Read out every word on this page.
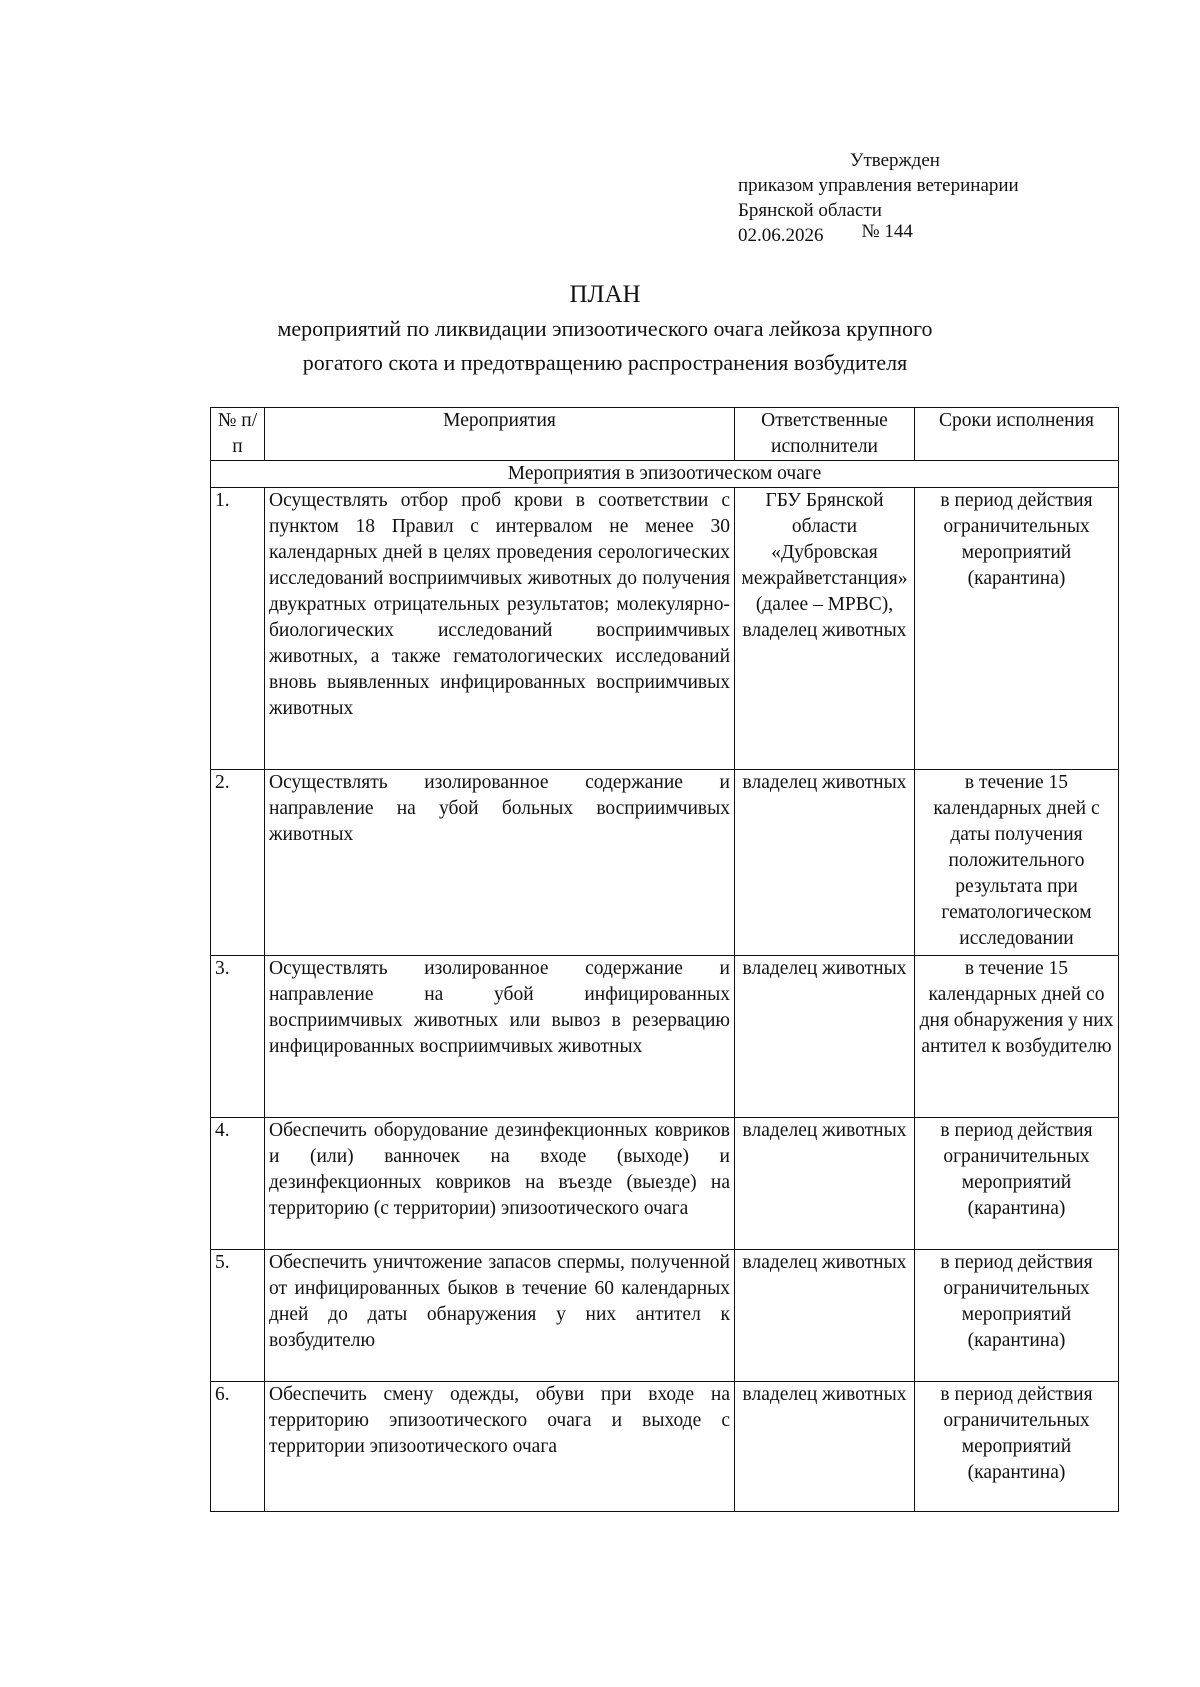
Утвержден
приказом управления ветеринарии
Брянской области
02.06.2026 № 144
ПЛАН
мероприятий по ликвидации эпизоотического очага лейкоза крупного
рогатого скота и предотвращению распространения возбудителя
№ п/п	Мероприятия	Ответственные исполнители	Сроки исполнения
Мероприятия в эпизоотическом очаге			
1.	Осуществлять отбор проб крови в соответствии с пунктом 18 Правил с интервалом не менее 30 календарных дней в целях проведения серологических исследований восприимчивых животных до получения двукратных отрицательных результатов; молекулярно-биологических исследований восприимчивых животных, а также гематологических исследований вновь выявленных инфицированных восприимчивых животных	ГБУ Брянской области «Дубровская межрайветстанция» (далее – МРВС), владелец животных	в период действия ограничительных мероприятий (карантина)
2.	Осуществлять изолированное содержание и направление на убой больных восприимчивых животных	владелец животных	в течение 15 календарных дней с даты получения положительного результата при гематологическом исследовании
3.	Осуществлять изолированное содержание и направление на убой инфицированных восприимчивых животных или вывоз в резервацию инфицированных восприимчивых животных	владелец животных	в течение 15 календарных дней со дня обнаружения у них антител к возбудителю
4.	Обеспечить оборудование дезинфекционных ковриков и (или) ванночек на входе (выходе) и дезинфекционных ковриков на въезде (выезде) на территорию (с территории) эпизоотического очага	владелец животных	в период действия ограничительных мероприятий (карантина)
5.	Обеспечить уничтожение запасов спермы, полученной от инфицированных быков в течение 60 календарных дней до даты обнаружения у них антител к возбудителю	владелец животных	в период действия ограничительных мероприятий (карантина)
6.	Обеспечить смену одежды, обуви при входе на территорию эпизоотического очага и выходе с территории эпизоотического очага	владелец животных	в период действия ограничительных мероприятий (карантина)
